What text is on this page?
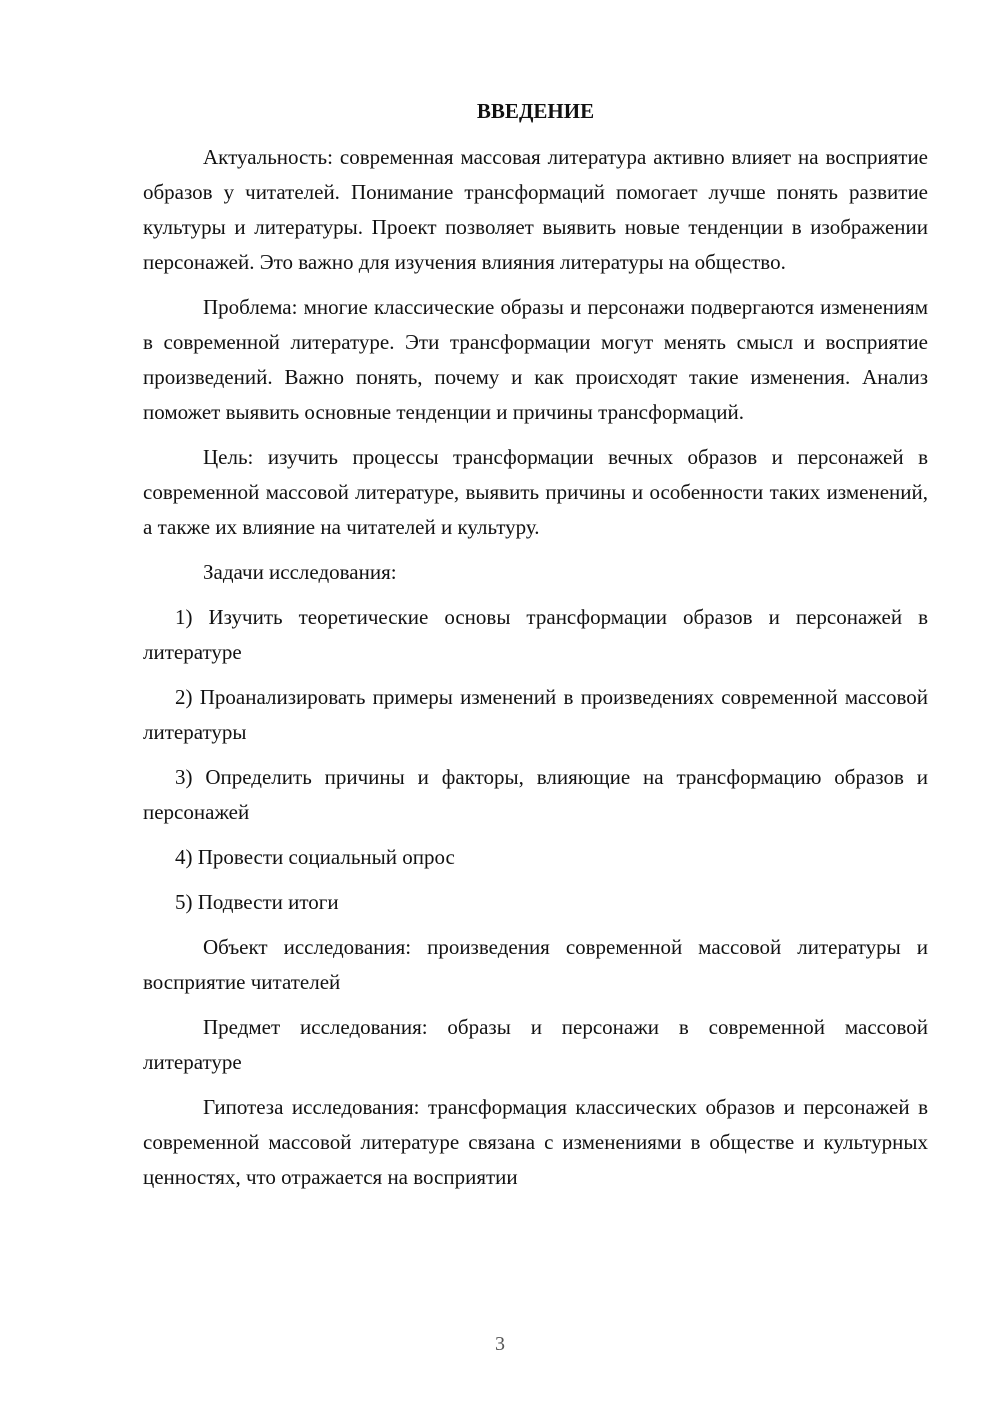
ВВЕДЕНИЕ

Актуальность: современная массовая литература активно влияет на восприятие образов у читателей. Понимание трансформаций помогает лучше понять развитие культуры и литературы. Проект позволяет выявить новые тенденции в изображении персонажей. Это важно для изучения влияния литературы на общество.

Проблема: многие классические образы и персонажи подвергаются изменениям в современной литературе. Эти трансформации могут менять смысл и восприятие произведений. Важно понять, почему и как происходят такие изменения. Анализ поможет выявить основные тенденции и причины трансформаций.

Цель: изучить процессы трансформации вечных образов и персонажей в современной массовой литературе, выявить причины и особенности таких изменений, а также их влияние на читателей и культуру.

Задачи исследования:

1) Изучить теоретические основы трансформации образов и персонажей в литературе

2) Проанализировать примеры изменений в произведениях современной массовой литературы

3) Определить причины и факторы, влияющие на трансформацию образов и персонажей

4) Провести социальный опрос

5) Подвести итоги

Объект исследования: произведения современной массовой литературы и восприятие читателей

Предмет исследования: образы и персонажи в современной массовой литературе

Гипотеза исследования: трансформация классических образов и персонажей в современной массовой литературе связана с изменениями в обществе и культурных ценностях, что отражается на восприятии

3
